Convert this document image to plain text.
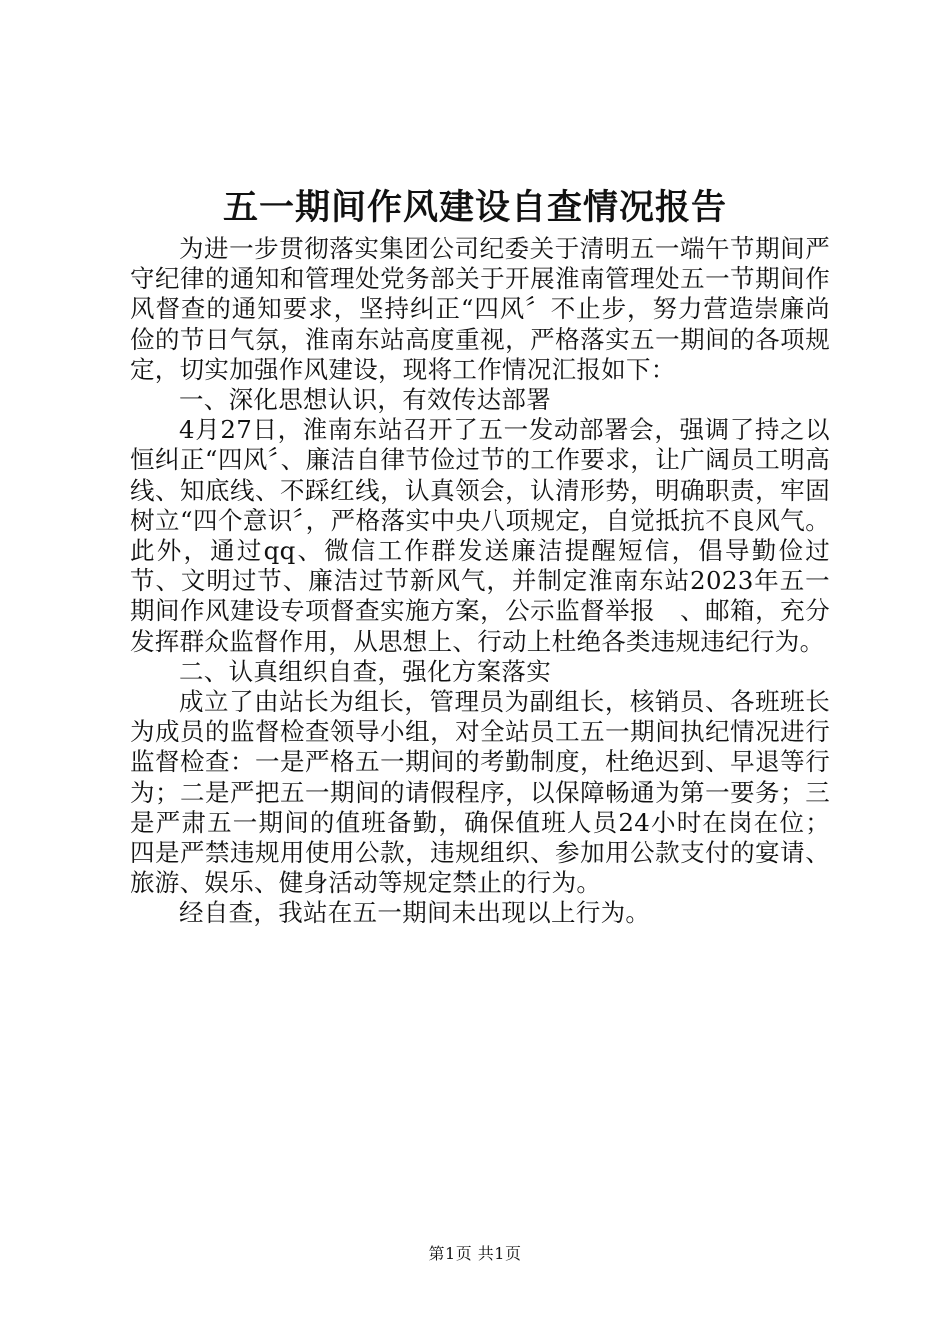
五一期间作风建设自查情况报告

为进一步贯彻落实集团公司纪委关于清明五一端午节期间严守纪律的通知和管理处党务部关于开展淮南管理处五一节期间作风督查的通知要求，坚持纠正“四风〞不止步，努力营造崇廉尚俭的节日气氛，淮南东站高度重视，严格落实五一期间的各项规定，切实加强作风建设，现将工作情况汇报如下：

一、深化思想认识，有效传达部署

4月27日，淮南东站召开了五一发动部署会，强调了持之以恒纠正“四风〞、廉洁自律节俭过节的工作要求，让广阔员工明高线、知底线、不踩红线，认真领会，认清形势，明确职责，牢固树立“四个意识〞，严格落实中央八项规定，自觉抵抗不良风气。此外，通过qq、微信工作群发送廉洁提醒短信，倡导勤俭过节、文明过节、廉洁过节新风气，并制定淮南东站2023年五一期间作风建设专项督查实施方案，公示监督举报　、邮箱，充分发挥群众监督作用，从思想上、行动上杜绝各类违规违纪行为。

二、认真组织自查，强化方案落实

成立了由站长为组长，管理员为副组长，核销员、各班班长为成员的监督检查领导小组，对全站员工五一期间执纪情况进行监督检查：一是严格五一期间的考勤制度，杜绝迟到、早退等行为；二是严把五一期间的请假程序，以保障畅通为第一要务；三是严肃五一期间的值班备勤，确保值班人员24小时在岗在位；四是严禁违规用使用公款，违规组织、参加用公款支付的宴请、旅游、娱乐、健身活动等规定禁止的行为。

经自查，我站在五一期间未出现以上行为。

第1页 共1页
